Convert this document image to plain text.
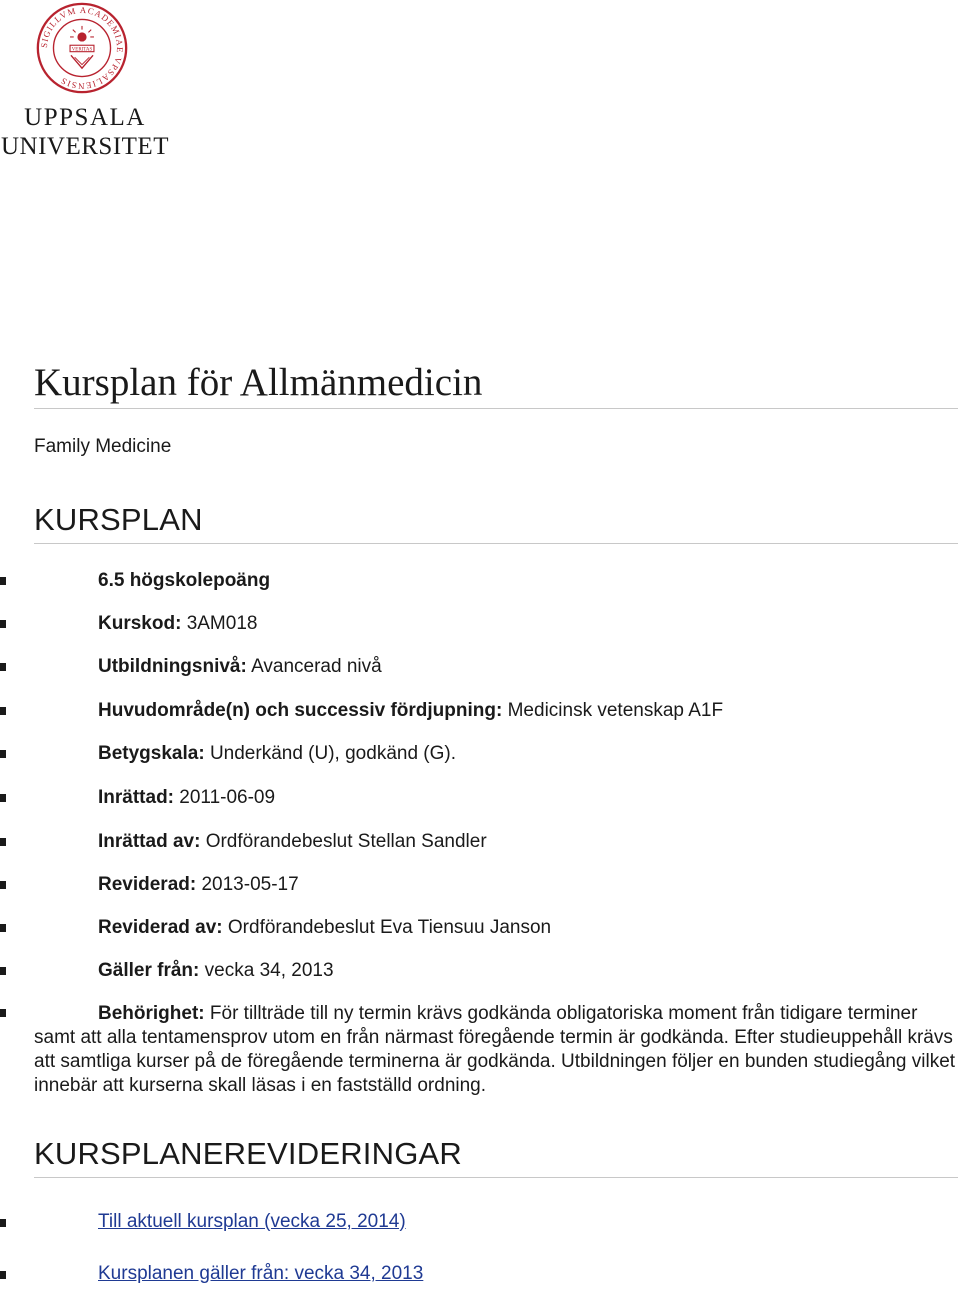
SIGILLVM ACADEMIAE VPSALIENSIS
VERITAS
UPPSALA
UNIVERSITET
Kursplan för Allmänmedicin
Family Medicine
KURSPLAN
6.5 högskolepoäng
Kurskod: 3AM018
Utbildningsnivå: Avancerad nivå
Huvudområde(n) och successiv fördjupning: Medicinsk vetenskap A1F
Betygskala: Underkänd (U), godkänd (G).
Inrättad: 2011-06-09
Inrättad av: Ordförandebeslut Stellan Sandler
Reviderad: 2013-05-17
Reviderad av: Ordförandebeslut Eva Tiensuu Janson
Gäller från: vecka 34, 2013
Behörighet: För tillträde till ny termin krävs godkända obligatoriska moment från tidigare terminer samt att alla tentamensprov utom en från närmast föregående termin är godkända. Efter studieuppehåll krävs att samtliga kurser på de föregående terminerna är godkända. Utbildningen följer en bunden studiegång vilket innebär att kurserna skall läsas i en fastställd ordning.
KURSPLANEREVIDERINGAR
Till aktuell kursplan (vecka 25, 2014)
Kursplanen gäller från: vecka 34, 2013
